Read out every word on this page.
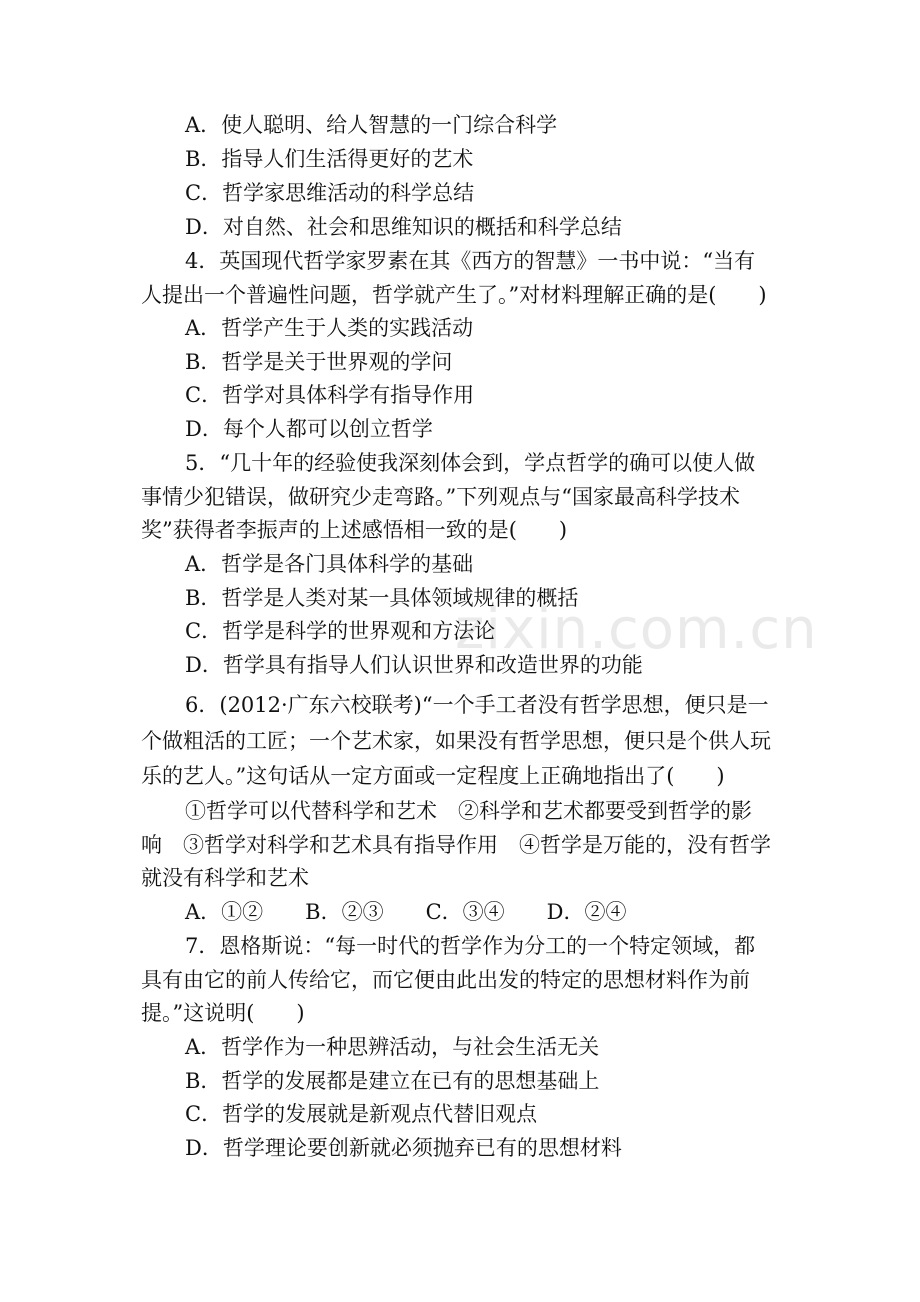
zixin.com.cn
A．使人聪明、给人智慧的一门综合科学
B．指导人们生活得更好的艺术
C．哲学家思维活动的科学总结
D．对自然、社会和思维知识的概括和科学总结
4．英国现代哲学家罗素在其《西方的智慧》一书中说：“当有
人提出一个普遍性问题，哲学就产生了。”对材料理解正确的是(　　)
A．哲学产生于人类的实践活动
B．哲学是关于世界观的学问
C．哲学对具体科学有指导作用
D．每个人都可以创立哲学
5．“几十年的经验使我深刻体会到，学点哲学的确可以使人做
事情少犯错误，做研究少走弯路。”下列观点与“国家最高科学技术
奖”获得者李振声的上述感悟相一致的是(　　)
A．哲学是各门具体科学的基础
B．哲学是人类对某一具体领域规律的概括
C．哲学是科学的世界观和方法论
D．哲学具有指导人们认识世界和改造世界的功能
6．(2012·广东六校联考)“一个手工者没有哲学思想，便只是一
个做粗活的工匠；一个艺术家，如果没有哲学思想，便只是个供人玩
乐的艺人。”这句话从一定方面或一定程度上正确地指出了(　　)
①哲学可以代替科学和艺术　②科学和艺术都要受到哲学的影
响　③哲学对科学和艺术具有指导作用　④哲学是万能的，没有哲学
就没有科学和艺术
A．①②　　B．②③　　C．③④　　D．②④
7．恩格斯说：“每一时代的哲学作为分工的一个特定领域，都
具有由它的前人传给它，而它便由此出发的特定的思想材料作为前
提。”这说明(　　)
A．哲学作为一种思辨活动，与社会生活无关
B．哲学的发展都是建立在已有的思想基础上
C．哲学的发展就是新观点代替旧观点
D．哲学理论要创新就必须抛弃已有的思想材料
